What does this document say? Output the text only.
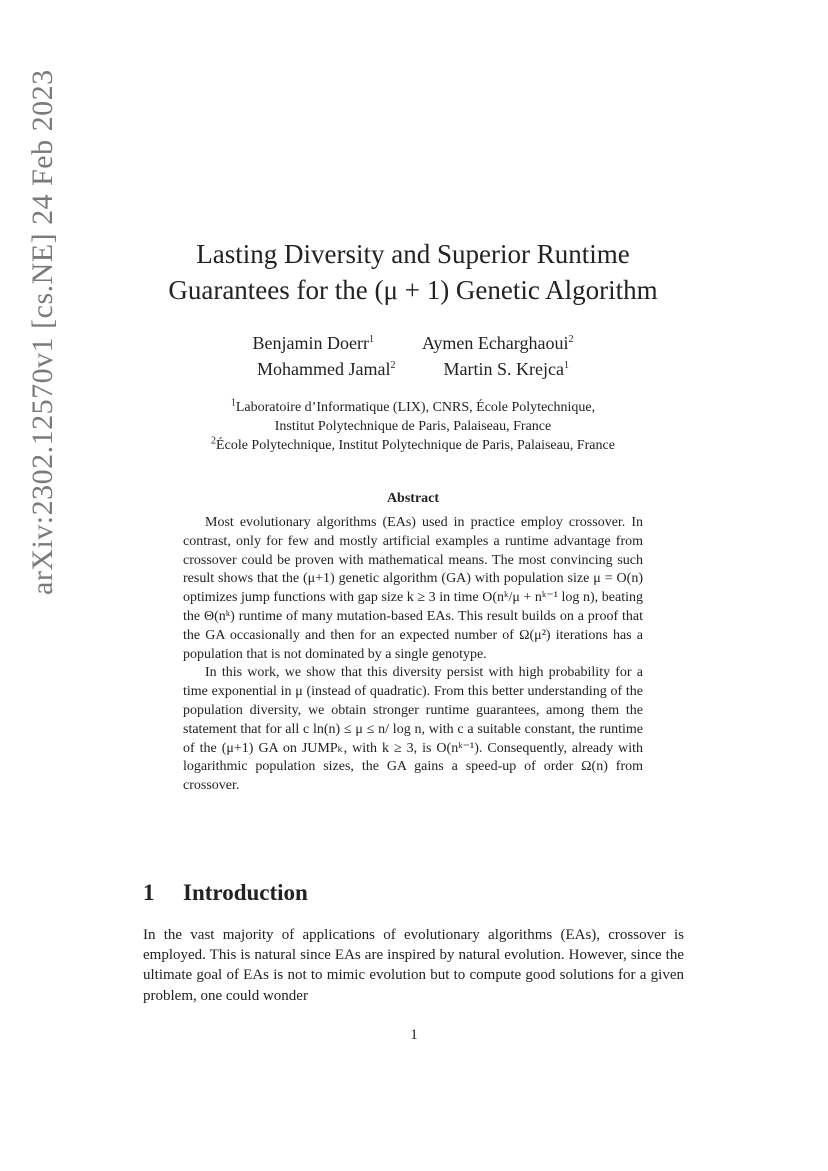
arXiv:2302.12570v1 [cs.NE] 24 Feb 2023	Lasting Diversity and Superior Runtime
Guarantees for the (μ + 1) Genetic Algorithm
Benjamin Doerr$^1$	Aymen Echarghaoui$^2$
Mohammed Jamal$^2$	Martin S. Krejca$^1$
$^1$Laboratoire d’Informatique (LIX), CNRS, École Polytechnique,
Institut Polytechnique de Paris, Palaiseau, France
$^2$École Polytechnique, Institut Polytechnique de Paris, Palaiseau, France
Abstract

Most evolutionary algorithms (EAs) used in practice employ crossover. In contrast, only for few and mostly artificial examples a runtime advantage from crossover could be proven with mathematical means. The most convincing such result shows that the (μ+1) genetic algorithm (GA) with population size μ = O(n) optimizes jump functions with gap size k ≥ 3 in time O(nᵏ/μ + nᵏ⁻¹ log n), beating the Θ(nᵏ) runtime of many mutation-based EAs. This result builds on a proof that the GA occasionally and then for an expected number of Ω(μ²) iterations has a population that is not dominated by a single genotype.

In this work, we show that this diversity persist with high probability for a time exponential in μ (instead of quadratic). From this better understanding of the population diversity, we obtain stronger runtime guarantees, among them the statement that for all c ln(n) ≤ μ ≤ n/ log n, with c a suitable constant, the runtime of the (μ+1) GA on JUMPₖ, with k ≥ 3, is O(nᵏ⁻¹). Consequently, already with logarithmic population sizes, the GA gains a speed-up of order Ω(n) from crossover.

1 Introduction

In the vast majority of applications of evolutionary algorithms (EAs), crossover is employed. This is natural since EAs are inspired by natural evolution. However, since the ultimate goal of EAs is not to mimic evolution but to compute good solutions for a given problem, one could wonder

1
